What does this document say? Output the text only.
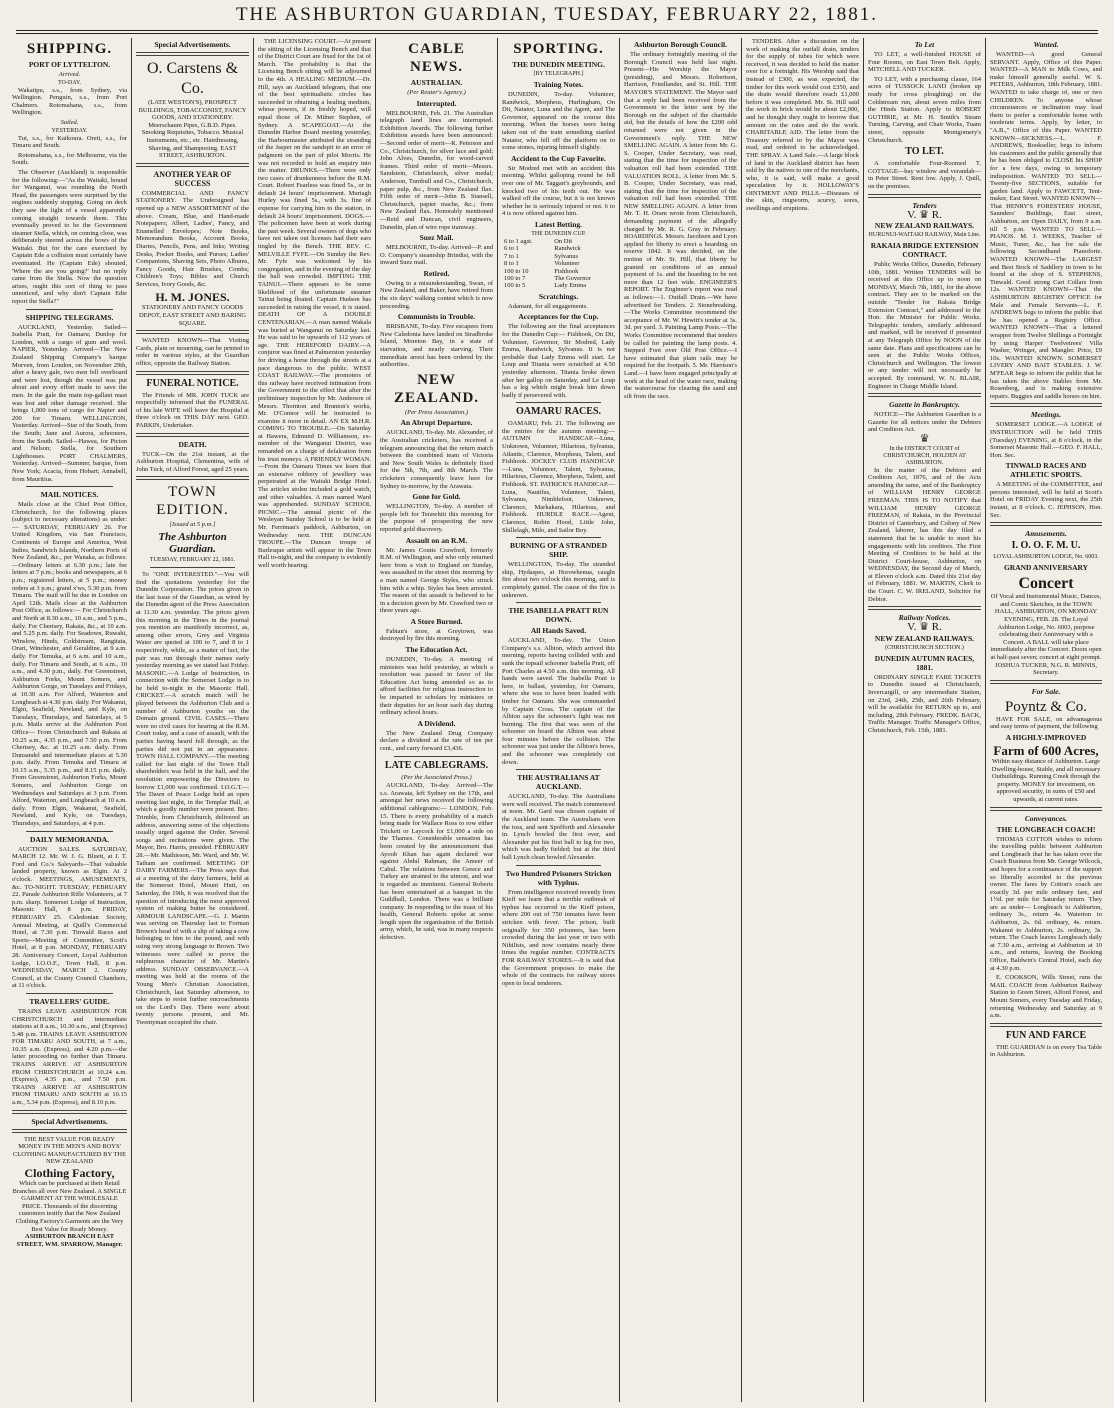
THE ASHBURTON GUARDIAN, TUESDAY, FEBRUARY 22, 1881.
SHIPPING.
PORT OF LYTTELTON.
Arrived.
TO-DAY.
Wakatipu, s.s., from Sydney, via Wellington. Penguin, s.s., from Port Chalmers. Rotomahana, s.s., from Wellington.
Sailed.
YESTERDAY.
Tui, s.s., for Kaikoura. Oreti, s.s., for Timaru and South.
Rotomahana, s.s., for Melbourne, via the South.
The Observer (Auckland) is responsible for the following:—"As the Waitaki, bound for Wanganui, was rounding the North Head, the passengers were surprised by the engines suddenly stopping. Going on deck they saw the light of a vessel apparently coming straight towards them. This eventually proved to be the Government steamer Stella, which, on coming close, was deliberately steered across the bows of the Waitaki. But for the care exercised by Captain Ede a collision must certainly have eventuated. He (Captain Ede) shouted, 'Where the are you going?' but no reply came from the Stella. Now the question arises, ought this sort of thing to pass unnoticed, and why don't Captain Edie report the Stella?"
SHIPPING TELEGRAMS.
AUCKLAND, Yesterday. Sailed—Isabella Pratt, for Oamaru; Dunlop for London, with a cargo of gum and wool. NAPIER, Yesterday. Arrived—The New Zealand Shipping Company's barque Morven, from London, on November 29th, after a heavy gale, two men fell overboard and were lost, though the vessel was put about and every effort made to save the men. In the gale the main top-gallant mast was lost and other damage received. She brings 1,000 tons of cargo for Napier and 200 for Timaru. WELLINGTON, Yesterday. Arrived—Star of the South, from the South; Jane and Aurora, schooners, from the South. Sailed—Hawea, for Picton and Nelson; Stella, for Southern Lighthouses. PORT CHALMERS, Yesterday. Arrived—Summer, barque, from New York; Acacia, from Hobart; Annabell, from Mauritius.
MAIL NOTICES.
Mails close at the Chief Post Office, Christchurch, for the following places (subject to necessary alterations) as under:— SATURDAY, FEBRUARY 26. For United Kingdom, via San Francisco, Continents of Europe and America, West Indies, Sandwich Islands, Northern Ports of New Zealand, &c., per Wanaka, as follows:—Ordinary letters at 6.30 p.m.; late fee letters at 7 p.m.; books and newspapers, at 6 p.m.; registered letters, at 5 p.m.; money orders at 3 p.m.; grand x'ws, 5.30 p.m. from Timaru. The mail will be due in London on April 12th. Mails close at the Ashburton Post Office, as follows:— For Christchurch and North at 8.30 a.m., 10 a.m., and 5 p.m., daily. For Chertsey, Rakaia, &c., at 10 a.m. and 5.25 p.m. daily. For Seadown, Ruwahi, Winslow, Hinds, Coldstream, Rangitata, Orari, Winchester, and Geraldine, at 9 a.m. daily. For Temuka, at 6 a.m. and 10 a.m., daily. For Timaru and South, at 6 a.m., 10 a.m., and 4.30 p.m., daily. For Greenstreet, Ashburton Forks, Mount Somers, and Ashburton Gorge, on Tuesdays and Fridays, at 10.30 a.m. For Alford, Waterton and Longbeach at 4.30 p.m. daily. For Wakanui, Elgin, Seafield, Newland, and Kyle, on Tuesdays, Thursdays, and Saturdays, at 5 p.m. Mails arrive at the Ashburton Post Office— From Christchurch and Rakaia at 10.25 a.m., 4.35 p.m., and 7.50 p.m. From Chertsey, &c. at 10.25 a.m. daily. From Dunsandel and intermediate places at 5.30 p.m. daily. From Temuka and Timaru at 10.15 a.m., 5.35 p.m., and 8.15 p.m. daily. From Greenstreet, Ashburton Forks, Mount Somers, and Ashburton Gorge on Wednesdays and Saturdays at 3 p.m. From Alford, Waterton, and Longbeach at 10 a.m. daily. From Elgin, Wakanui, Seafield, Newland, and Kyle, on Tuesdays, Thursdays, and Saturdays, at 4 p.m.
DAILY MEMORANDA.
AUCTION SALES. SATURDAY, MARCH 12. Mr. W. J. G. Bluett, at J. T. Ford and Co.'s Saleyards—That valuable landed property, known as Elgin. At 2 o'clock. MEETINGS, AMUSEMENTS, &c. TO-NIGHT. TUESDAY, FEBRUARY 22. Parade Ashburton Rifle Volunteers, at 7 p.m. sharp. Somerset Lodge of Instruction, Masonic Hall, 8 p.m. FRIDAY, FEBRUARY 25. Caledonian Society, Annual Meeting, at Quill's Commercial Hotel, at 7.30 p.m. Tinwald Races and Sports—Meeting of Committee, Scott's Hotel, at 8 p.m. MONDAY, FEBRUARY 28. Anniversary Concert, Loyal Ashburton Lodge, I.O.O.F., Town Hall, 8 p.m. WEDNESDAY, MARCH 2. County Council, at the County Council Chambers, at 11 o'clock.
TRAVELLERS' GUIDE.
TRAINS LEAVE ASHBURTON FOR CHRISTCHURCH and intermediate stations at 8 a.m., 10.30 a.m., and (Express) 5.48 p.m. TRAINS LEAVE ASHBURTON FOR TIMARU AND SOUTH, at 7 a.m., 10.35 a.m. (Express), and 4.20 p.m.—the latter proceeding no further than Timaru. TRAINS ARRIVE AT ASHBURTON FROM CHRISTCHURCH at 10.24 a.m. (Express), 4.35 p.m., and 7.50 p.m. TRAINS ARRIVE AT ASHBURTON FROM TIMARU AND SOUTH at 10.15 a.m., 5.34 p.m. (Express), and 8.10 p.m.
Special Advertisements.
THE BEST VALUE FOR READY MONEY IN THE MEN'S AND BOYS' CLOTHING MANUFACTURED BY THE NEW ZEALAND
Clothing Factory,
Which can be purchased at their Retail Branches all over New Zealand. A SINGLE GARMENT AT THE WHOLESALE PRICE. Thousands of the discerning customers testify that the New Zealand Clothing Factory's Garments are the Very Best Value for Ready Money.
ASHBURTON BRANCH EAST STREET, WM. SPARROW, Manager.
Special Advertisements.
O. Carstens & Co.
(LATE WESTON'S), PROSPECT BUILDINGS, TOBACCONIST, FANCY GOODS, AND STATIONERY. Meerschaum Pipes, G.B.D. Pipes. Smoking Requisites, Tobacco. Musical Instruments, etc., etc. Hairdressing, Shaving, and Shampooing. EAST STREET, ASHBURTON.
ANOTHER YEAR OF SUCCESS
COMMERCIAL AND FANCY STATIONERY. The Undersigned has opened up a NEW ASSORTMENT of the above. Cream, Blue, and Hand-made Notepapers; Albert, Ladies', Fancy, and Enamelled Envelopes; Note Books, Memorandum Books, Account Books, Diaries, Pencils, Pens, and Inks; Writing Desks, Pocket Books, and Purses; Ladies' Companions, Shaving Sets, Photo Albums, Fancy Goods, Hair Brushes, Combs; Children's Toys; Bibles and Church Services, Ivory Goods, &c.
H. M. JONES.
STATIONERY AND FANCY GOODS DEPOT, EAST STREET AND BARING SQUARE.
WANTED KNOWN—That Visiting Cards, plain or mourning, can be printed to order in various styles, at the Guardian office, opposite the Railway Station.
FUNERAL NOTICE.
The Friends of MR. JOHN TUCK are respectfully informed that the FUNERAL of his late WIFE will leave the Hospital at three o'clock on THIS DAY next. GEO. PARKIN, Undertaker.
DEATH.
TUCK—On the 21st instant, at the Ashburton Hospital, Clementina, wife of John Tuck, of Alford Forest, aged 25 years.
TOWN EDITION.
[Issued at 5 p.m.]
The Ashburton Guardian.
TUESDAY, FEBRUARY 22, 1881.
To "ONE INTERESTED."—You will find the quotations yesterday for the Dunedin Corporation. The prices given in the last issue of the Guardian, as wired by the Dunedin agent of the Press Association at 11.30 a.m. yesterday. The prices given this morning in the Times in the journal you mention are manifestly incorrect, as, among other errors, Grey and Virginia Water are quoted at 100 to 7, and 8 to 1 respectively, while, as a matter of fact, the pair was run through their names early yesterday morning as we stated last Friday. MASONIC.—A Lodge of Instruction, in connection with the Somerset Lodge is to be held to-night in the Masonic Hall. CRICKET.—A scratch match will be played between the Ashburton Club and a number of Ashburton youths on the Domain ground. CIVIL CASES.—There were no civil cases for hearing at the R.M. Court today, and a case of assault, with the parties having heard fell through, as the parties did not put in an appearance. TOWN HALL COMPANY.—The meeting called for last night of the Town Hall shareholders was held in the hall, and the resolution empowering the Directors to borrow £1,000 was confirmed. I.O.G.T.—The Dawn of Peace Lodge held an open meeting last night, in the Templar Hall, at which a goodly number were present. Bro. Trimble, from Christchurch, delivered an address, answering some of the objections usually urged against the Order. Several songs and recitations were given. The Mayor, Bro. Harris, presided. FEBRUARY 28.—Mr. Mathieson, Mr. Ward, and Mr. W. Tatham are confirmed. MEETING OF DAIRY FARMERS.—The Press says that at a meeting of the dairy farmers, held at the Somerset Hotel, Mount Hutt, on Saturday, the 19th, it was resolved that the question of introducing the most approved system of making butter be considered. ARMOUR LANDSCAPE.—G. J. Martin was serving on Thursday last to Forman Brown's head of with a slip of taking a cow belonging to him to the pound, and with using very strong language to Brown. Two witnesses were called to prove the sulphurous character of Mr. Martin's address. SUNDAY OBSERVANCE.—A meeting was held at the rooms of the Young Men's Christian Association, Christchurch, last Saturday afternoon, to take steps to resist further encroachments on the Lord's Day. There were about twenty persons present, and Mr. Twentyman occupied the chair.
THE LICENSING COURT.—At present the sitting of the Licensing Bench and that of the District Court are fixed for the 1st of March. The probability is that the Licensing Bench sitting will be adjourned to the 4th. A HEALING MEDIUM.—Dr. Hill, says an Auckland telegram, that one of the best spiritualistic circles has succeeded in obtaining a healing medium, whose powers, if in freshly hoped, will equal those of Dr. Milner Stephen, of Sydney. A SCAPEGOAT.—At the Dunedin Harbor Board meeting yesterday, the Harbourmaster attributed the stranding of the Jasper on the sandspit to an error of judgment on the part of pilot Morris. He was not recorded to hold an enquiry into the matter. DRUNKS.—There were only two cases of drunkenness before the R.M. Court. Robert Fearless was fined 5s., or in default 24 hours' imprisonment. Murtagh Hurley was fined 5s., with 3s. fine of expense for carrying him to the station, in default 24 hours' imprisonment. DOGS.—The policemen have been at work during the past week. Several owners of dogs who have not taken out licenses had their ears tingled by the Bench. THE REV. C. MELVILLE FYFE.—On Sunday the Rev. Mr. Fyfe was welcomed by his congregation, and in the evening of the day the hall was crowded. IMPTING THE TAINUI.—There appears to be some likelihood of the unfortunate steamer Tainui being floated. Captain Hudson has succeeded in raising the vessel, it is stated. DEATH OF A DOUBLE CENTENARIAN.—A man named Wakala was buried at Wanganui on Saturday last. He was said to be upwards of 112 years of age. THE HEREFORD DAIRY.—A conjuror was fined at Palmerston yesterday for driving a horse through the streets at a pace dangerous to the public. WEST COAST RAILWAY.—The promoters of this railway have received intimation from the Government to the effect that after the preliminary inspection by Mr. Anderson of Messrs. Thornton and Brunton's works, Mr. O'Connor will be instructed to examine it more in detail. AN EX M.H.R. COMING TO TROUBLE.—On Saturday at Hawera, Edmund D. Williamson, ex-member of the Wanganui District, was remanded on a charge of defalcation from his trust moneys. A FRIENDLY WOMAN.—From the Oamaru Times we learn that an extensive robbery of jewellery was perpetrated at the Waitaki Bridge Hotel. The articles stolen included a gold watch, and other valuables. A man named Ward was apprehended. SUNDAY SCHOOL PICNIC.—The annual picnic of the Wesleyan Sunday School is to be held at Mr. Ferriman's paddock, Ashburton, on Wednesday next. THE DUNCAN TROUPE.—The Duncan troupe of Burlesque artists will appear in the Town Hall to-night, and the company is evidently well worth hearing.
CABLE NEWS.
AUSTRALIAN.
(Per Reuter's Agency.)
Interrupted.
MELBOURNE, Feb. 21. The Australian telegraph land lines are interrupted. Exhibition Awards. The following further Exhibition awards have been announced:—Second order of merit—R. Peterson and Co., Christchurch, for silver lace and gold; John Alves, Dunedin, for wood-carved frames. Third order of merit—Messrs. Sandstein, Christchurch, silver medal; Anderson, Turnbull and Co., Christchurch, paper pulp, &c., from New Zealand flax. Fifth order of merit—John B. Stansell, Christchurch, papier mache, &c.; from New Zealand flax. Honorably mentioned—Reid and Duncan, civil engineers, Dunedin, plan of wire rope tramway.
Suez Mail.
MELBOURNE, To-day. Arrived—P. and O. Company's steamship Brindisi, with the inward Suez mail.
Retired.
Owing to a misunderstanding, Swan, of New Zealand, and Baker, have retired from the six days' walking contest which is now proceeding.
Communists in Trouble.
BRISBANE, To-day. Five escapees from New Caledonia have landed on Stradbroke Island, Moreton Bay, in a state of starvation, and nearly starving. Their immediate arrest has been ordered by the authorities.
NEW ZEALAND.
(Per Press Association.)
An Abrupt Departure.
AUCKLAND, To-day. Mr. Alexander, of the Australian cricketers, has received a telegram announcing that the return match between the combined team of Victoria and New South Wales is definitely fixed for the 5th, 7th, and 8th March. The cricketers consequently leave here for Sydney to-morrow, by the Arawata.
Gone for Gold.
WELLINGTON, To-day. A number of people left for Terawhiti this morning for the purpose of prospecting the new reported gold discovery.
Assault on an R.M.
Mr. James Coutts Crawford, formerly R.M. of Wellington, and who only returned here from a visit to England on Sunday, was assaulted in the street this morning by a man named George Styles, who struck him with a whip. Styles has been arrested. The reason of the assault is believed to be in a decision given by Mr. Crawford two or three years ago.
A Store Burned.
Fabian's store, at Greytown, was destroyed by fire this morning.
The Education Act.
DUNEDIN, To-day. A meeting of ministers was held yesterday, at which a resolution was passed in favor of the Education Act being amended so as to afford facilities for religious instruction to be imparted to scholars by ministers or their deputies for an hour each day during ordinary school hours.
A Dividend.
The New Zealand Drug Company declare a dividend at the rate of ten per cent., and carry forward £3,436.
LATE CABLEGRAMS.
(Per the Associated Press.)
AUCKLAND, To-day. Arrived—The s.s. Arawata, left Sydney on the 17th, and amongst her news received the following additional cablegrams:— LONDON, Feb. 15. There is every probability of a match being made for Wallace Ross to row either Trickett or Laycock for £1,000 a side on the Thames. Considerable sensation has been created by the announcement that Ayoob Khan has again declared war against Abdul Rahman, the Ameer of Cabul. The relations between Greece and Turkey are strained to the utmost, and war is regarded as imminent. General Roberts has been entertained at a banquet in the Guildhall, London. There was a brilliant company. In responding to the toast of his health, General Roberts spoke at some length upon the organisation of the British army, which, he said, was in many respects defective.
SPORTING.
THE DUNEDIN MEETING.
[BY TELEGRAPH.]
Training Notes.
DUNEDIN, To-day. Volunteer, Randwick, Morpheus, Hurlingham, On Dit, Natator, Luna and the Agent, and The Governor, appeared on the course this morning. When the horses were being taken out of the train something startled Natator, who fell off the platform on to some stones, injuring himself slightly.
Accident to the Cup Favorite.
Sir Modred met with an accident this morning. Whilst galloping round he fell over one of Mr. Taggart's greyhounds, and knocked two of his teeth out. He was walked off the course, but it is not known whether he is seriously injured or not. 6 to 4 is now offered against him.
Latest Betting.
THE DUNEDIN CUP.
6 to 1 agst.	On Dit
6 to 1	Randwick
7 to 1	Sylvanus
8 to 1	Volunteer
100 to 10	Fishhook
100 to 7	The Governor
100 to 5	Lady Emma
Scratchings.
Adamant, for all engagements.
Acceptances for the Cup.
The following are the final acceptances for the Dunedin Cup:— Fishhook, On Dit, Volunteer, Governor, Sir Modred, Lady Emma, Randwick, Sylvanus. It is not probable that Lady Emma will start. Le Loup and Titania were scratched at 4.50 yesterday afternoon. Titania broke down after her gallop on Saturday, and Le Loup has a leg which might break him down badly if persevered with.
OAMARU RACES.
OAMARU, Feb. 21. The following are the entries for the autumn meeting:— AUTUMN HANDICAP.—Luna, Unknown, Volunteer, Hilarious, Sylvanus, Atlantic, Clarence, Morpheus, Talent, and Fishhook. JOCKEY CLUB HANDICAP.—Luna, Volunteer, Talent, Sylvanus, Hilarious, Clarence, Morpheus, Talent, and Fishhook. ST. PATRICK'S HANDICAP.—Luna, Nautilus, Volunteer, Talent, Sylvanus, Nimblefoot, Unknown, Clarence, Markakara, Hilarious, and Fishhook. HURDLE RACE.—Agent, Clarence, Robin Hood, Little John, Shillelagh, Milo, and Sailor Boy.
BURNING OF A STRANDED SHIP.
WELLINGTON, To-day. The stranded ship, Hydaspes, at Horowhenua, caught fire about two o'clock this morning, and is completely gutted. The cause of the fire is unknown.
THE ISABELLA PRATT RUN DOWN.
All Hands Saved.
AUCKLAND, To-day. The Union Company's s.s. Albion, which arrived this morning, reports having collided with and sunk the topsail schooner Isabella Pratt, off Port Charles at 4.50 a.m. this morning. All hands were saved. The Isabella Pratt is here, in ballast, yesterday, for Oamaru, where she was to have been loaded with timber for Oamaru. She was commanded by Captain Cross. The captain of the Albion says the schooner's light was not burning. The first that was seen of the schooner on board the Albion was about four minutes before the collision. The schooner was just under the Albion's bows, and the schooner was completely cut down.
THE AUSTRALIANS AT AUCKLAND.
AUCKLAND, To-day. The Australians were well received. The match commenced at noon. Mr. Gard was chosen captain of the Auckland team. The Australians won the toss, and sent Spofforth and Alexander in. Lynch bowled the first over, and Alexander put his first ball to leg for two, which was badly fielded; but at the third ball Lynch clean bowled Alexander.
Two Hundred Prisoners Stricken with Typhus.
From intelligence received recently from Kieff we learn that a terrible outbreak of typhus has occurred in the Kieff prison, where 200 out of 750 inmates have been stricken with fever. The prison, built originally for 350 prisoners, has been crowded during the last year or two with Nihilists, and now contains nearly three times the regular number. CONTRACTS FOR RAILWAY STORES.—It is said that the Government proposes to make the whole of the contracts for railway stores open to local tenderers.
Ashburton Borough Council.
The ordinary fortnightly meeting of the Borough Council was held last night. Present—His Worship the Mayor (presiding), and Messrs. Robertson, Harrison, Friedlander, and St. Hill. THE MAYOR'S STATEMENT. The Mayor said that a reply had been received from the Government to the letter sent by the Borough on the subject of the charitable aid, but the details of how the £200 odd returned were not given in the Government's reply. THE NEW SMELLING AGAIN. A letter from Mr. G. S. Cooper, Under Secretary, was read, stating that the time for inspection of the valuation roll had been extended. THE VALUATION ROLL. A letter from Mr. S. B. Cooper, Under Secretary, was read, stating that the time for inspection of the valuation roll had been extended. THE NEW SMELLING AGAIN. A letter from Mr. T. H. Oram wrote from Christchurch, demanding payment of the allegedly charged by Mr. R. G. Gray in February. BOARDINGS. Messrs. Jacobsen and Lyon applied for liberty to erect a hoarding on reserve 1842. It was decided, on the motion of Mr. St. Hill, that liberty be granted on conditions of an annual payment of 1s. and the hoarding to be not more than 12 feet wide. ENGINEER'S REPORT. The Engineer's report was read as follows:—1. Outfall Drain.—We have advertised for Tenders. 2. Stonebreaking.—The Works Committee recommend the acceptance of Mr. W. Hewitt's tender at 3s. 3d. per yard. 3. Painting Lamp Posts.—The Works Committee recommend that tenders be called for painting the lamp posts. 4. Stepped Foot over Old Post Office.—I have estimated that plain rails may be required for the footpath. 5. Mr. Harrison's Land.—I have been engaged principally at work at the head of the water race, making the watercourse for clearing the sand and silt from the race.
TENDERS. After a discussion on the work of making the outfall drain, tenders for the supply of tubes for which were received, it was decided to hold the matter over for a fortnight. His Worship said that instead of £300, as was expected, the timber for this work would cost £350, and the drain would therefore reach £1,000 before it was completed. Mr. St. Hill said the work in brick would be about £2,000, and he thought they ought to borrow that amount on the rates and do the work. CHARITABLE AID. The letter from the Treasury referred to by the Mayor was read, and ordered to be acknowledged. THE SPRAY. A Land Sale.—A large block of land in the Auckland district has been sold by the natives to one of the merchants, who, it is said, will make a good speculation by it. HOLLOWAY'S OINTMENT AND PILLS.—Diseases of the skin, ringworm, scurvy, sores, swellings and eruptions.
To Let
TO LET, a well-finished HOUSE of Four Rooms, on East Town Belt. Apply, MITCHELL AND TUCKER.
TO LET, with a purchasing clause, 164 acres of TUSSOCK LAND (broken up ready for cross ploughing) on the Coldstream run, about seven miles from the Hinds Station. Apply to ROBERT GUTHRIE, at Mr. H. Smith's Steam Turning, Carving, and Chair Works, Tuam street, opposite Montgomery's Christchurch.
TO LET.
A comfortable Four-Roomed T. COTTAGE—bay window and verandah—in Peter Street. Rent low. Apply, J. Quill, on the premises.
Tenders
V. ♛ R.
NEW ZEALAND RAILWAYS.
HURUNUI-WAITAKI RAILWAY, Main Line.
RAKAIA BRIDGE EXTENSION CONTRACT.
Public Works Office, Dunedin, February 10th, 1881. Written TENDERS will be received at this Office up to noon on MONDAY, March 7th, 1881, for the above contract. They are to be marked on the outside "Tender for Rakaia Bridge Extension Contract," and addressed to the Hon. the Minister for Public Works. Telegraphic tenders, similarly addressed and marked, will be received if presented at any Telegraph Office by NOON of the same date. Plans and specifications can be seen at the Public Works Offices, Christchurch and Wellington. The lowest or any tender will not necessarily be accepted. By command, W. N. BLAIR, Engineer in Charge Middle Island.
Gazette in Bankruptcy.
NOTICE—The Ashburton Guardian is a Gazette for all notices under the Debtors and Creditors Act.
♛
In the DISTRICT COURT of CHRISTCHURCH, HOLDEN AT ASHBURTON.
In the matter of the Debtors and Creditors Act, 1876, and of the Acts amending the same, and of the Bankruptcy of WILLIAM HENRY GEORGE FREEMAN. THIS IS TO NOTIFY that WILLIAM HENRY GEORGE FREEMAN, of Rakaia, in the Provincial District of Canterbury, and Colony of New Zealand, laborer, has this day filed a statement that he is unable to meet his engagements with his creditors. The First Meeting of Creditors to be held at the District Court-house, Ashburton, on WEDNESDAY, the Second day of March, at Eleven o'clock a.m. Dated this 21st day of February, 1881. W. MARTIN, Clerk to the Court. C. W. IRELAND, Solicitor for Debtor.
Railway Notices.
V. ♛ R.
NEW ZEALAND RAILWAYS.
(CHRISTCHURCH SECTION.)
DUNEDIN AUTUMN RACES, 1881.
ORDINARY SINGLE FARE TICKETS to Dunedin issued at Christchurch, Invercargill, or any intermediate Station, on 23rd, 24th, 25th, and 26th February, will be available for RETURN up to, and including, 28th February. FREDK. BACK, Traffic Manager. Traffic Manager's Office, Christchurch, Feb. 15th, 1881.
Wanted.
WANTED—A good General SERVANT. Apply, Office of this Paper. WANTED—A MAN to Milk Cows, and make himself generally useful. W. S. PETERS, Ashburton, 18th February, 1881. WANTED to take charge of, one or two CHILDREN. To anyone whose circumstances or inclination may lead them to prefer a comfortable home with moderate terms. Apply, by letter, to "A.B.," Office of this Paper. WANTED KNOWN—SICKNESS.—L. F. ANDREWS, Bookseller, begs to inform his customers and the public generally that he has been obliged to CLOSE his SHOP for a few days, owing to temporary indisposition. WANTED TO SELL—Twenty-five SECTIONS, suitable for garden land. Apply to FAWCETT, Tent-maker, East Street. WANTED KNOWN—That HENRY'S FORESTERS' HOUSE, Saunders' Buildings, East street, Ashburton, are Open DAILY, from 9 a.m. till 5 p.m. WANTED TO SELL—PIANOS. M. J. WEEKS, Teacher of Music, Tuner, &c., has for sale the following Secondhand Pianoforte. WANTED KNOWN—The LARGEST and Best Stock of Saddlery in town to be found at the shop of S. STEPHENS, Tinwald. Good strong Cart Collars from 12s. WANTED KNOWN—That the ASHBURTON REGISTRY OFFICE for Male and Female Servants—L. F. ANDREWS begs to inform the public that he has opened a Registry Office. WANTED KNOWN—That a lettered wrapper from Twelve Shillings a Fortnight by using Harper Twelvetrees' Villa Washer, Wringer, and Mangler. Price, £9 10s. WANTED KNOWN. SOMERSET LIVERY AND BAIT STABLES. J. W. M'FEAR begs to inform the public that he has taken the above Stables from Mr. Rosenberg, and is making extensive repairs. Buggies and saddle horses on hire.
Meetings.
SOMERSET LODGE.—A LODGE of INSTRUCTION will be held THIS (Tuesday) EVENING, at 8 o'clock, in the Somerset Masonic Hall.—GEO. F. HALL, Hon. Sec.
TINWALD RACES AND ATHLETIC SPORTS.
A MEETING of the COMMITTEE, and persons interested, will be held at Scott's Hotel on FRIDAY Evening next, the 25th instant, at 8 o'clock. C. JEPHSON, Hon. Sec.
Amusements.
I. O. O. F. M. U.
LOYAL ASHBURTON LODGE, No. 6003.
GRAND ANNIVERSARY
Concert
Of Vocal and Instrumental Music, Dances, and Comic Sketches, in the TOWN HALL, ASHBURTON, ON MONDAY EVENING, FEB. 28. The Loyal Ashburton Lodge, No. 6003, purpose celebrating their Anniversary with a Concert. A BALL will take place immediately after the Concert. Doors open at half-past seven; concert at eight prompt. JOSHUA TUCKER, N.G. R. MINNIS, Secretary.
For Sale.
Poyntz & Co.
HAVE FOR SALE, on advantageous and easy terms of payment, the following
A HIGHLY-IMPROVED
Farm of 600 Acres,
Within easy distance of Ashburton. Large Dwelling-house, Stable, and all necessary Outbuildings. Running Creek through the property. MONEY for investment, on approved security, in sums of £50 and upwards, at current rates.
Conveyances.
THE LONGBEACH COACH!
THOMAS COTTON wishes to inform the travelling public between Ashburton and Longbeach that he has taken over the Coach Business from Mr. George Wilcock, and hopes for a continuance of the support so liberally accorded to the previous owner. The fares by Cotton's coach are exactly 3d. per mile ordinary fare, and 1½d. per mile for Saturday return. They are as under— Longbeach to Ashburton, ordinary 3s., return 4s. Waterton to Ashburton, 2s. 6d. ordinary, 4s. return. Wakanui to Ashburton, 2s. ordinary, 3s. return. The Coach leaves Longbeach daily at 7.30 a.m., arriving at Ashburton at 10 a.m., and returns, leaving the Booking Office, Baldwin's Central Hotel, each day at 4.30 p.m.
E. COOKSON, Wills Street, runs the MAIL COACH from Ashburton Railway Station to Green Street, Alford Forest, and Mount Somers, every Tuesday and Friday, returning Wednesday and Saturday at 9 a.m.
FUN AND FARCE
THE GUARDIAN is on every Tea Table in Ashburton.
